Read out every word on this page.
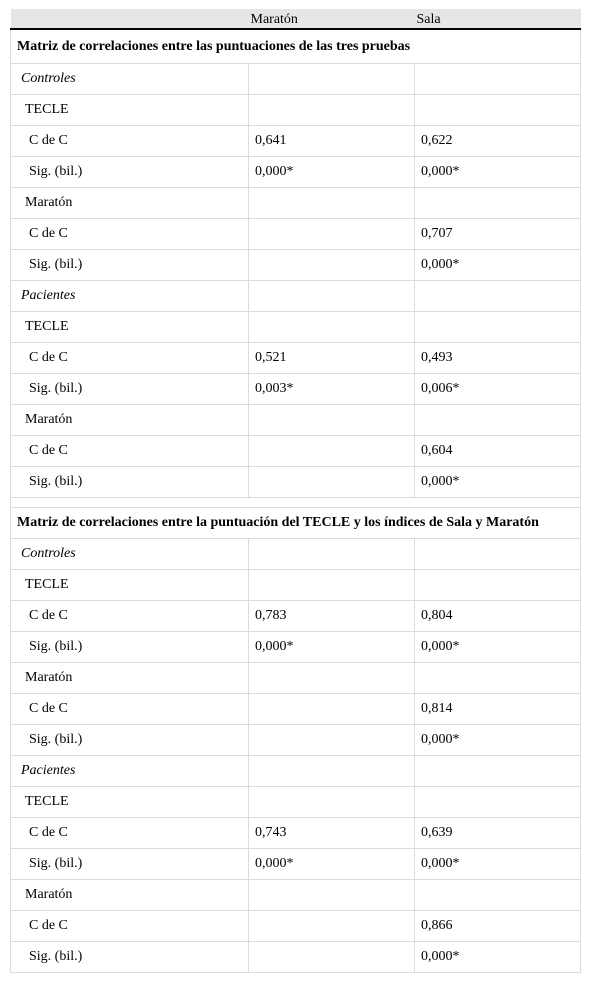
	Maratón	Sala
Matriz de correlaciones entre las puntuaciones de las tres pruebas		
Controles		
TECLE		
C de C	0,641	0,622
Sig. (bil.)	0,000*	0,000*
Maratón		
C de C		0,707
Sig. (bil.)		0,000*
Pacientes		
TECLE		
C de C	0,521	0,493
Sig. (bil.)	0,003*	0,006*
Maratón		
C de C		0,604
Sig. (bil.)		0,000*

Matriz de correlaciones entre la puntuación del TECLE y los índices de Sala y Maratón		
Controles		
TECLE		
C de C	0,783	0,804
Sig. (bil.)	0,000*	0,000*
Maratón		
C de C		0,814
Sig. (bil.)		0,000*
Pacientes		
TECLE		
C de C	0,743	0,639
Sig. (bil.)	0,000*	0,000*
Maratón		
C de C		0,866
Sig. (bil.)		0,000*
